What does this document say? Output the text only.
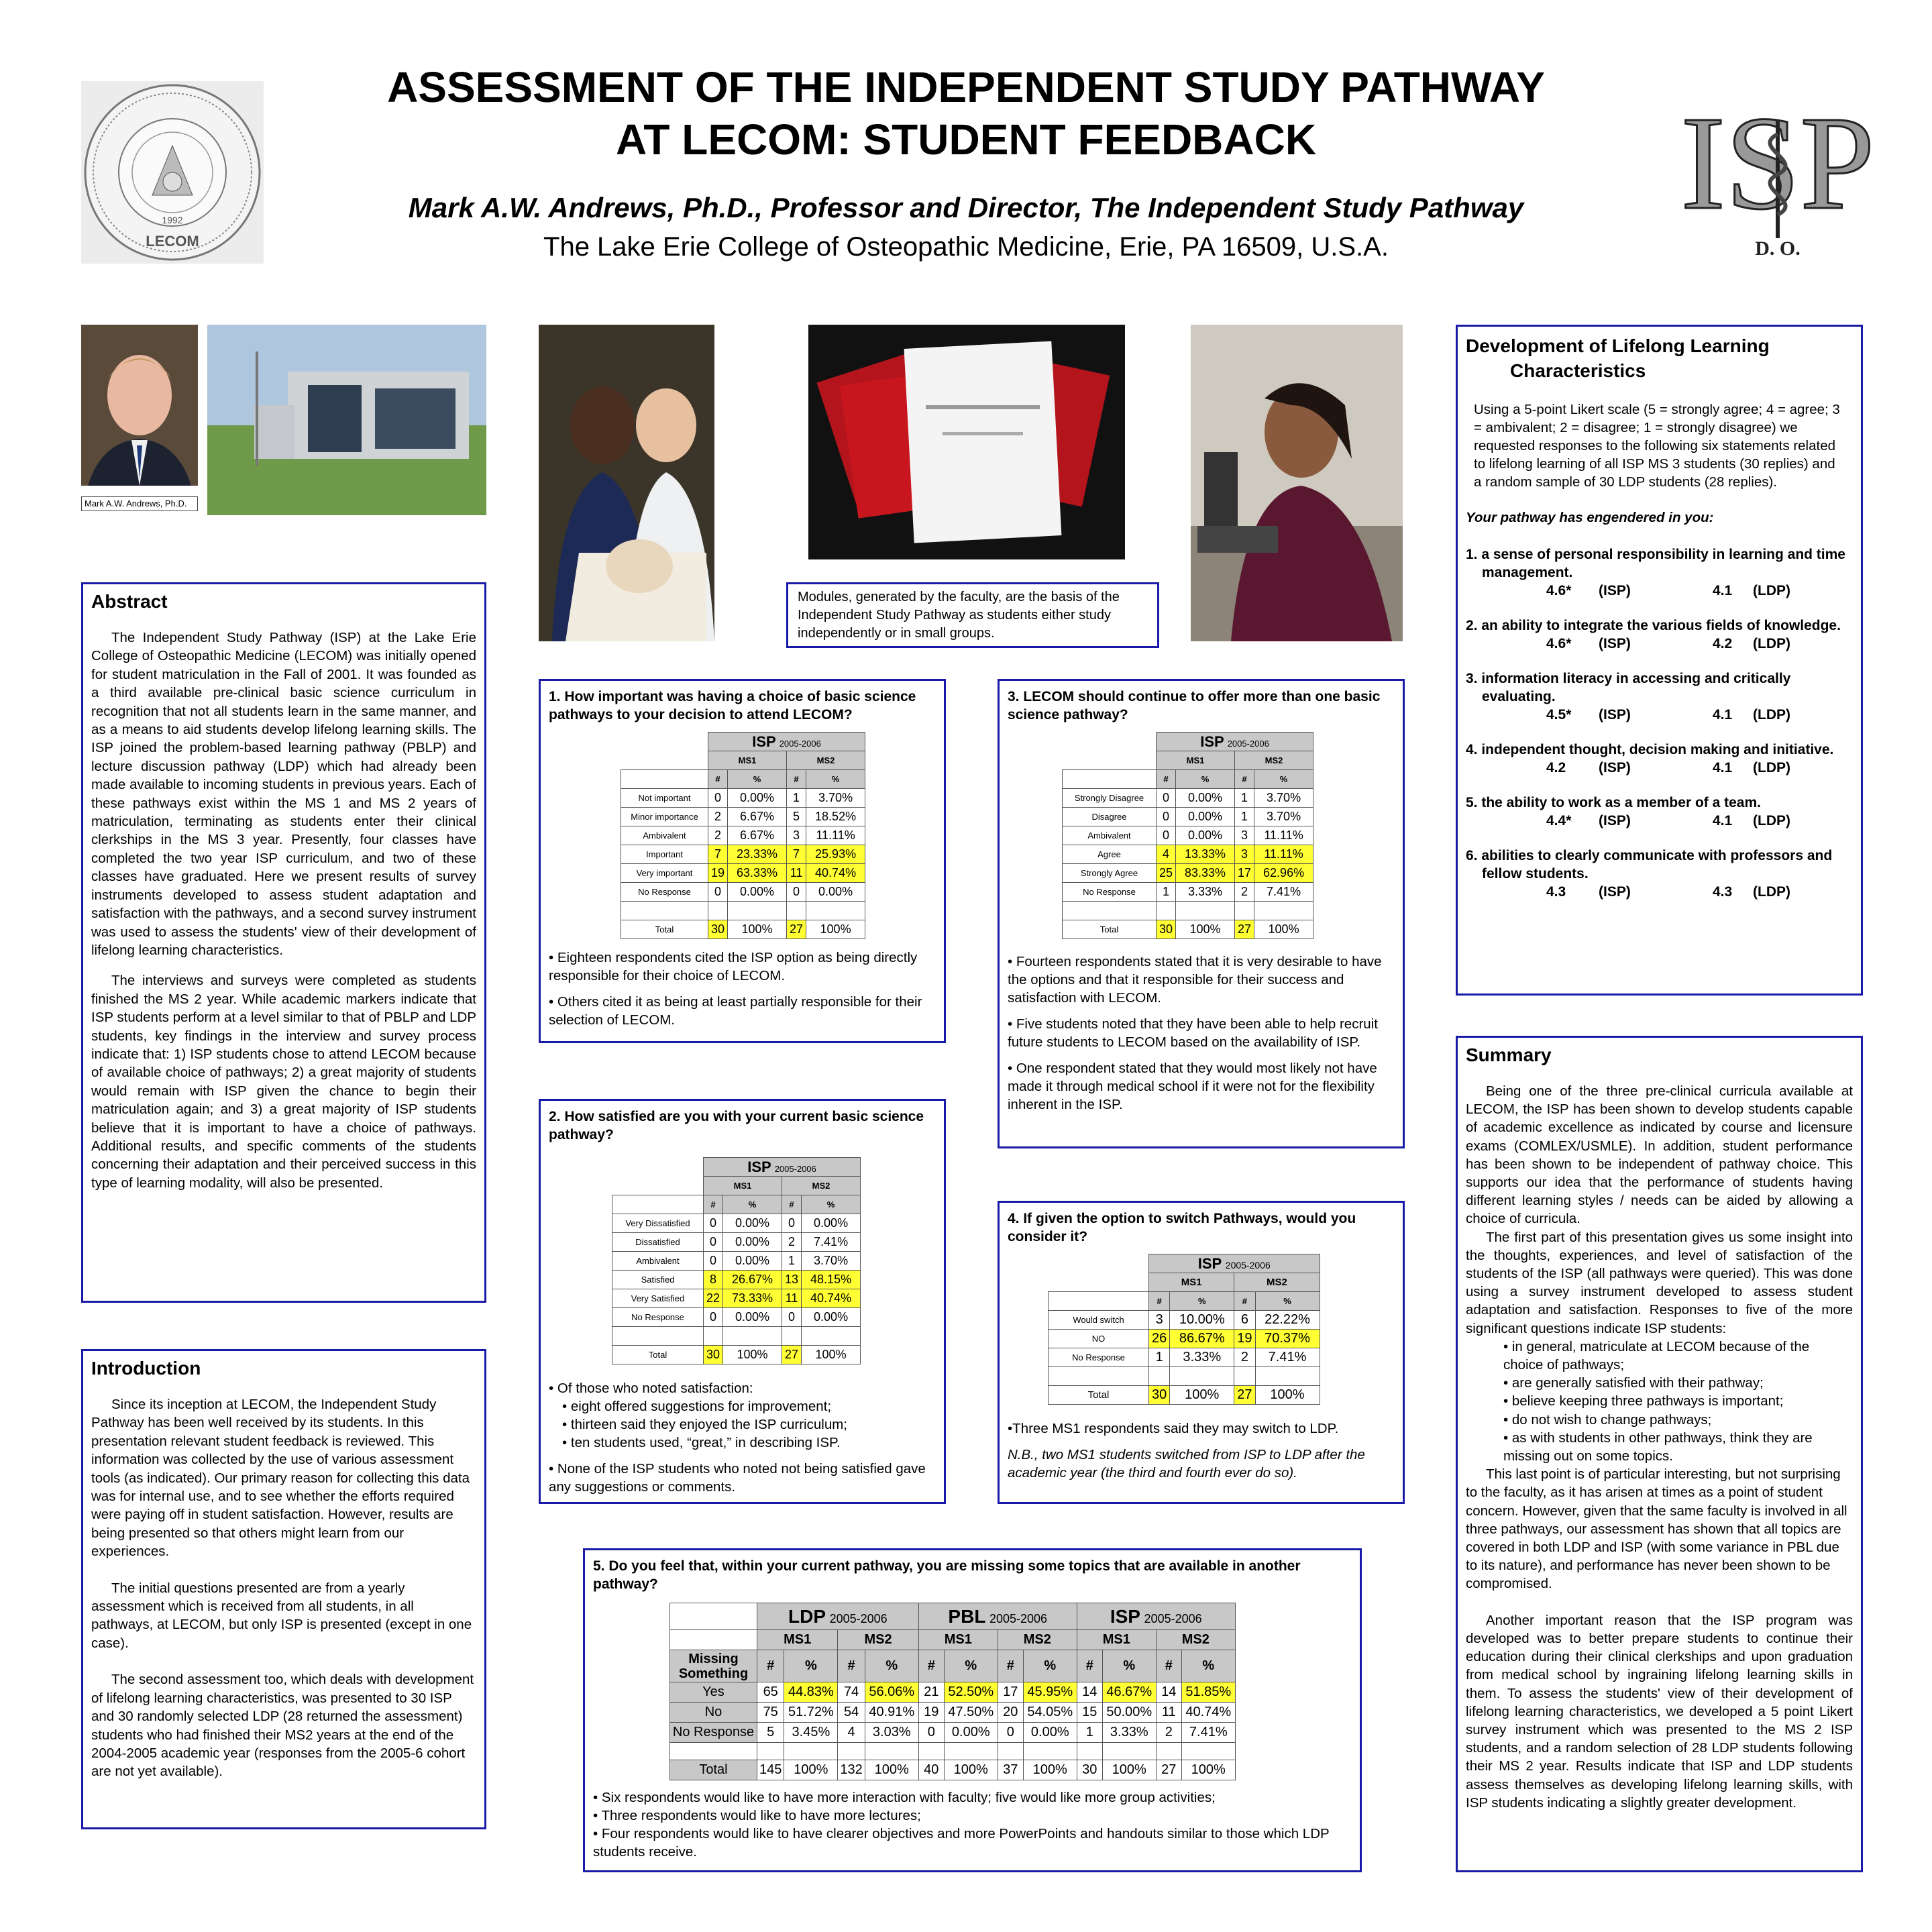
LECOM
1992
ASSESSMENT OF THE INDEPENDENT STUDY PATHWAY
AT LECOM: STUDENT FEEDBACK
Mark A.W. Andrews, Ph.D., Professor and Director, The Independent Study Pathway
The Lake Erie College of Osteopathic Medicine, Erie, PA 16509, U.S.A.
ISP
D. O.
Mark A.W. Andrews, Ph.D.
Modules, generated by the faculty, are the basis of the Independent Study Pathway as students either study independently or in small groups.
Abstract

The Independent Study Pathway (ISP) at the Lake Erie College of Osteopathic Medicine (LECOM) was initially opened for student matriculation in the Fall of 2001. It was founded as a third available pre-clinical basic science curriculum in recognition that not all students learn in the same manner, and as a means to aid students develop lifelong learning skills. The ISP joined the problem-based learning pathway (PBLP) and lecture discussion pathway (LDP) which had already been made available to incoming students in previous years. Each of these pathways exist within the MS 1 and MS 2 years of matriculation, terminating as students enter their clinical clerkships in the MS 3 year. Presently, four classes have completed the two year ISP curriculum, and two of these classes have graduated. Here we present results of survey instruments developed to assess student adaptation and satisfaction with the pathways, and a second survey instrument was used to assess the students' view of their development of lifelong learning characteristics.

The interviews and surveys were completed as students finished the MS 2 year. While academic markers indicate that ISP students perform at a level similar to that of PBLP and LDP students, key findings in the interview and survey process indicate that: 1) ISP students chose to attend LECOM because of available choice of pathways; 2) a great majority of students would remain with ISP given the chance to begin their matriculation again; and 3) a great majority of ISP students believe that it is important to have a choice of pathways. Additional results, and specific comments of the students concerning their adaptation and their perceived success in this type of learning modality, will also be presented.

Introduction

Since its inception at LECOM, the Independent Study Pathway has been well received by its students. In this presentation relevant student feedback is reviewed. This information was collected by the use of various assessment tools (as indicated). Our primary reason for collecting this data was for internal use, and to see whether the efforts required were paying off in student satisfaction. However, results are being presented so that others might learn from our experiences.

The initial questions presented are from a yearly assessment which is received from all students, in all pathways, at LECOM, but only ISP is presented (except in one case).

The second assessment too, which deals with development of lifelong learning characteristics, was presented to 30 ISP and 30 randomly selected LDP (28 returned the assessment) students who had finished their MS2 years at the end of the 2004-2005 academic year (responses from the 2005-6 cohort are not yet available).

1. How important was having a choice of basic science pathways to your decision to attend LECOM?
	ISP 2005-2006			
	MS1		MS2	
	#	%	#	%
Not important	0	0.00%	1	3.70%
Minor importance	2	6.67%	5	18.52%
Ambivalent	2	6.67%	3	11.11%
Important	7	23.33%	7	25.93%
Very important	19	63.33%	11	40.74%
No Response	0	0.00%	0	0.00%

Total	30	100%	27	100%

• Eighteen respondents cited the ISP option as being directly responsible for their choice of LECOM.

• Others cited it as being at least partially responsible for their selection of LECOM.

2. How satisfied are you with your current basic science pathway?
	ISP 2005-2006			
	MS1		MS2	
	#	%	#	%
Very Dissatisfied	0	0.00%	0	0.00%
Dissatisfied	0	0.00%	2	7.41%
Ambivalent	0	0.00%	1	3.70%
Satisfied	8	26.67%	13	48.15%
Very Satisfied	22	73.33%	11	40.74%
No Response	0	0.00%	0	0.00%

Total	30	100%	27	100%
• Of those who noted satisfaction:
• eight offered suggestions for improvement;
• thirteen said they enjoyed the ISP curriculum;
• ten students used, “great,” in describing ISP.

• None of the ISP students who noted not being satisfied gave any suggestions or comments.

3. LECOM should continue to offer more than one basic science pathway?
	ISP 2005-2006			
	MS1		MS2	
	#	%	#	%
Strongly Disagree	0	0.00%	1	3.70%
Disagree	0	0.00%	1	3.70%
Ambivalent	0	0.00%	3	11.11%
Agree	4	13.33%	3	11.11%
Strongly Agree	25	83.33%	17	62.96%
No Response	1	3.33%	2	7.41%

Total	30	100%	27	100%

• Fourteen respondents stated that it is very desirable to have the options and that it responsible for their success and satisfaction with LECOM.

• Five students noted that they have been able to help recruit future students to LECOM based on the availability of ISP.

• One respondent stated that they would most likely not have made it through medical school if it were not for the flexibility inherent in the ISP.

4. If given the option to switch Pathways, would you consider it?
	ISP 2005-2006			
	MS1		MS2	
	#	%	#	%
Would switch	3	10.00%	6	22.22%
NO	26	86.67%	19	70.37%
No Response	1	3.33%	2	7.41%

Total	30	100%	27	100%

•Three MS1 respondents said they may switch to LDP.

N.B., two MS1 students switched from ISP to LDP after the academic year (the third and fourth ever do so).

5. Do you feel that, within your current pathway, you are missing some topics that are available in another pathway?
	LDP 2005-2006				PBL 2005-2006				ISP 2005-2006			
	MS1		MS2		MS1		MS2		MS1		MS2	
Missing Something	#	%	#	%	#	%	#	%	#	%	#	%
Yes	65	44.83%	74	56.06%	21	52.50%	17	45.95%	14	46.67%	14	51.85%
No	75	51.72%	54	40.91%	19	47.50%	20	54.05%	15	50.00%	11	40.74%
No Response	5	3.45%	4	3.03%	0	0.00%	0	0.00%	1	3.33%	2	7.41%

Total	145	100%	132	100%	40	100%	37	100%	30	100%	27	100%
• Six respondents would like to have more interaction with faculty; five would like more group activities;
• Three respondents would like to have more lectures;
• Four respondents would like to have clearer objectives and more PowerPoints and handouts similar to those which LDP students receive.
Development of Lifelong Learning
Characteristics
Using a 5-point Likert scale (5 = strongly agree; 4 = agree; 3 = ambivalent; 2 = disagree; 1 = strongly disagree) we requested responses to the following six statements related to lifelong learning of all ISP MS 3 students (30 replies) and a random sample of 30 LDP students (28 replies).
Your pathway has engendered in you:
1. a sense of personal responsibility in learning and time management.
4.6* (ISP)	4.1 (LDP)
2. an ability to integrate the various fields of knowledge.
4.6* (ISP)	4.2 (LDP)
3. information literacy in accessing and critically evaluating.
4.5* (ISP)	4.1 (LDP)
4. independent thought, decision making and initiative.
4.2 (ISP)	4.1 (LDP)
5. the ability to work as a member of a team.
4.4* (ISP)	4.1 (LDP)
6. abilities to clearly communicate with professors and fellow students.
4.3 (ISP)	4.3 (LDP)
Summary

Being one of the three pre-clinical curricula available at LECOM, the ISP has been shown to develop students capable of academic excellence as indicated by course and licensure exams (COMLEX/USMLE). In addition, student performance has been shown to be independent of pathway choice. This supports our idea that the performance of students having different learning styles / needs can be aided by allowing a choice of curricula.

The first part of this presentation gives us some insight into the thoughts, experiences, and level of satisfaction of the students of the ISP (all pathways were queried). This was done using a survey instrument developed to assess student adaptation and satisfaction. Responses to five of the more significant questions indicate ISP students:

• in general, matriculate at LECOM because of the choice of pathways;
• are generally satisfied with their pathway;
• believe keeping three pathways is important;
• do not wish to change pathways;
• as with students in other pathways, think they are missing out on some topics.

This last point is of particular interesting, but not surprising to the faculty, as it has arisen at times as a point of student concern. However, given that the same faculty is involved in all three pathways, our assessment has shown that all topics are covered in both LDP and ISP (with some variance in PBL due to its nature), and performance has never been shown to be compromised.

Another important reason that the ISP program was developed was to better prepare students to continue their education during their clinical clerkships and upon graduation from medical school by ingraining lifelong learning skills in them. To assess the students' view of their development of lifelong learning characteristics, we developed a 5 point Likert survey instrument which was presented to the MS 2 ISP students, and a random selection of 28 LDP students following their MS 2 year. Results indicate that ISP and LDP students assess themselves as developing lifelong learning skills, with ISP students indicating a slightly greater development.
